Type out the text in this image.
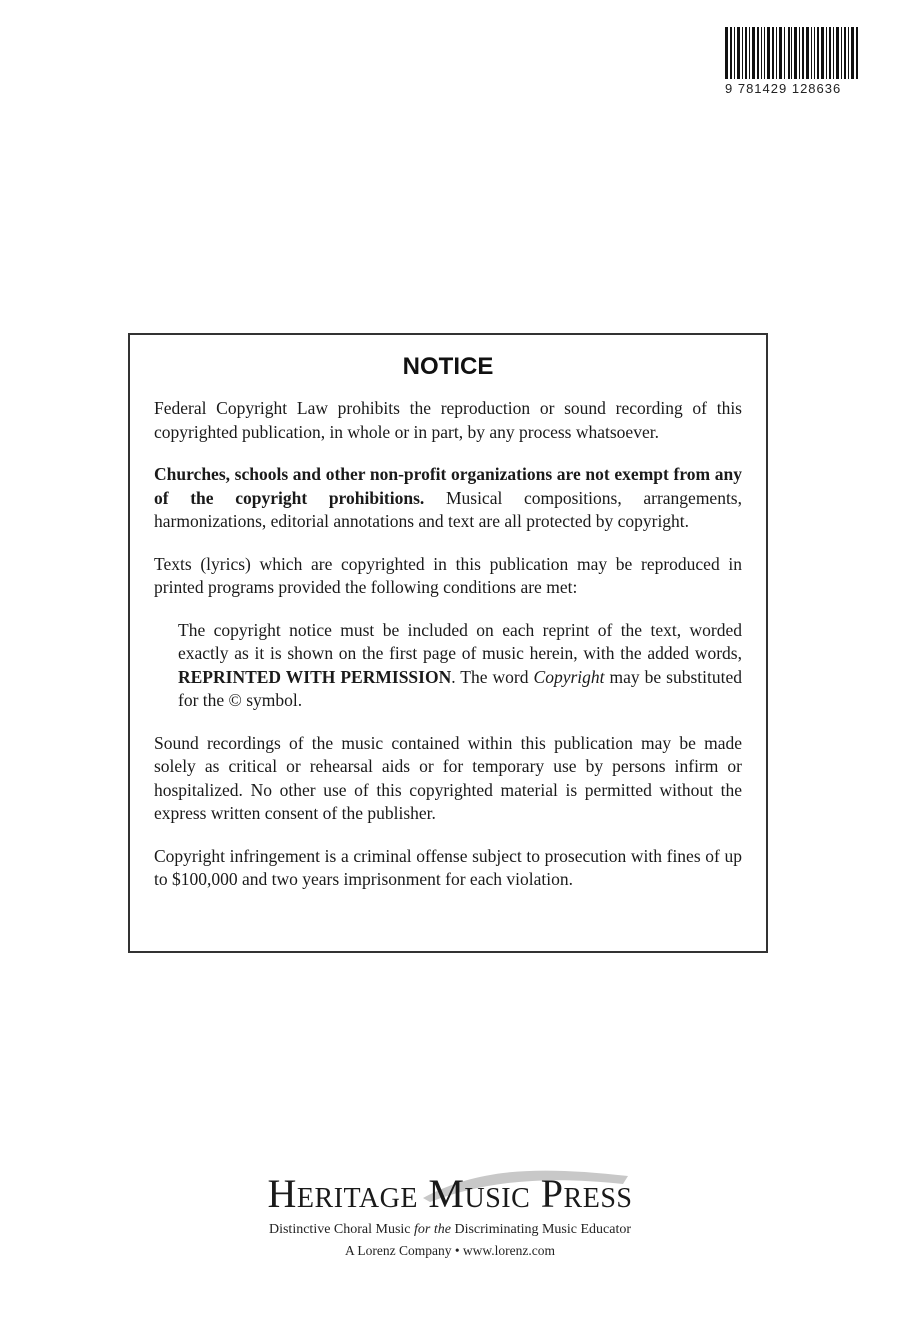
9 781429 128636
NOTICE

Federal Copyright Law prohibits the reproduction or sound recording of this copyrighted publication, in whole or in part, by any process whatsoever.

Churches, schools and other non-profit organizations are not exempt from any of the copyright prohibitions. Musical compositions, arrangements, harmonizations, editorial annotations and text are all protected by copyright.

Texts (lyrics) which are copyrighted in this publication may be reproduced in printed programs provided the following conditions are met:

The copyright notice must be included on each reprint of the text, worded exactly as it is shown on the first page of music herein, with the added words, REPRINTED WITH PERMISSION. The word Copyright may be substituted for the © symbol.

Sound recordings of the music contained within this publication may be made solely as critical or rehearsal aids or for temporary use by persons infirm or hospitalized. No other use of this copyrighted material is permitted without the express written consent of the publisher.

Copyright infringement is a criminal offense subject to prosecution with fines of up to $100,000 and two years imprisonment for each violation.

Heritage Music Press
Distinctive Choral Music for the Discriminating Music Educator
A Lorenz Company • www.lorenz.com
